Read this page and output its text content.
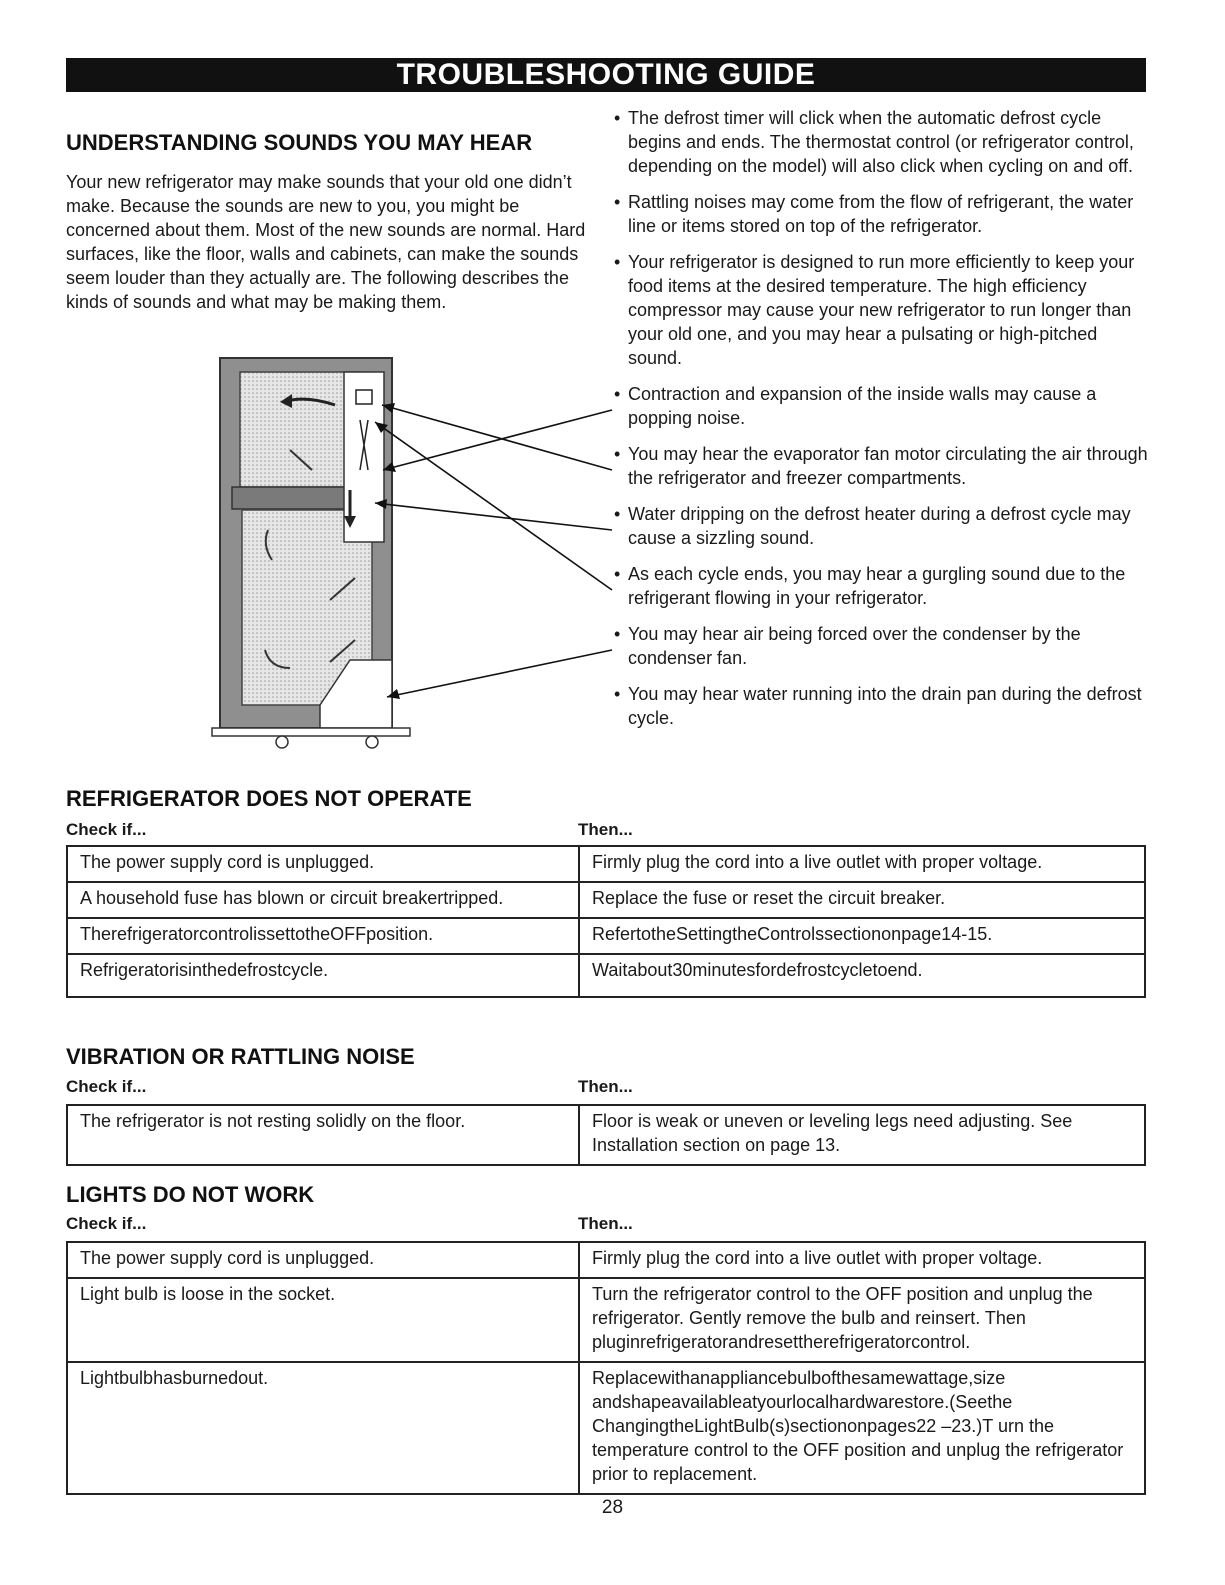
TROUBLESHOOTING GUIDE
UNDERSTANDING SOUNDS YOU MAY HEAR

Your new refrigerator may make sounds that your old one didn’t make. Because the sounds are new to you, you might be concerned about them. Most of the new sounds are normal. Hard surfaces, like the floor, walls and cabinets, can make the sounds seem louder than they actually are. The following describes the kinds of sounds and what may be making them.

• The defrost timer will click when the automatic defrost cycle begins and ends. The thermostat control (or refrigerator control, depending on the model) will also click when cycling on and off.
• Rattling noises may come from the flow of refrigerant, the water line or items stored on top of the refrigerator.
• Your refrigerator is designed to run more efficiently to keep your food items at the desired temperature. The high efficiency compressor may cause your new refrigerator to run longer than your old one, and you may hear a pulsating or high-pitched sound.
• Contraction and expansion of the inside walls may cause a popping noise.
• You may hear the evaporator fan motor circulating the air through the refrigerator and freezer compartments.
• Water dripping on the defrost heater during a defrost cycle may cause a sizzling sound.
• As each cycle ends, you may hear a gurgling sound due to the refrigerant flowing in your refrigerator.
• You may hear air being forced over the condenser by the condenser fan.
• You may hear water running into the drain pan during the defrost cycle.
REFRIGERATOR DOES NOT OPERATE
Check if...	Then...
The power supply cord is unplugged.	Firmly plug the cord into a live outlet with proper voltage.
A household fuse has blown or circuit breakertripped.	Replace the fuse or reset the circuit breaker.
TherefrigeratorcontrolissettotheOFFposition.	RefertotheSettingtheControlssectiononpage14-15.
Refrigeratorisinthedefrostcycle.	Waitabout30minutesfordefrostcycletoend.
VIBRATION OR RATTLING NOISE
Check if...	Then...
The refrigerator is not resting solidly on the floor.	Floor is weak or uneven or leveling legs need adjusting. See Installation section on page 13.
LIGHTS DO NOT WORK
Check if...	Then...
The power supply cord is unplugged.	Firmly plug the cord into a live outlet with proper voltage.
Light bulb is loose in the socket.	Turn the refrigerator control to the OFF position and unplug the refrigerator. Gently remove the bulb and reinsert. Then pluginrefrigeratorandresettherefrigeratorcontrol.
Lightbulbhasburnedout.	Replacewithanappliancebulbofthesamewattage,size andshapeavailableatyourlocalhardwarestore.(Seethe ChangingtheLightBulb(s)sectiononpages22 –23.)T urn the temperature control to the OFF position and unplug the refrigerator prior to replacement.
28
